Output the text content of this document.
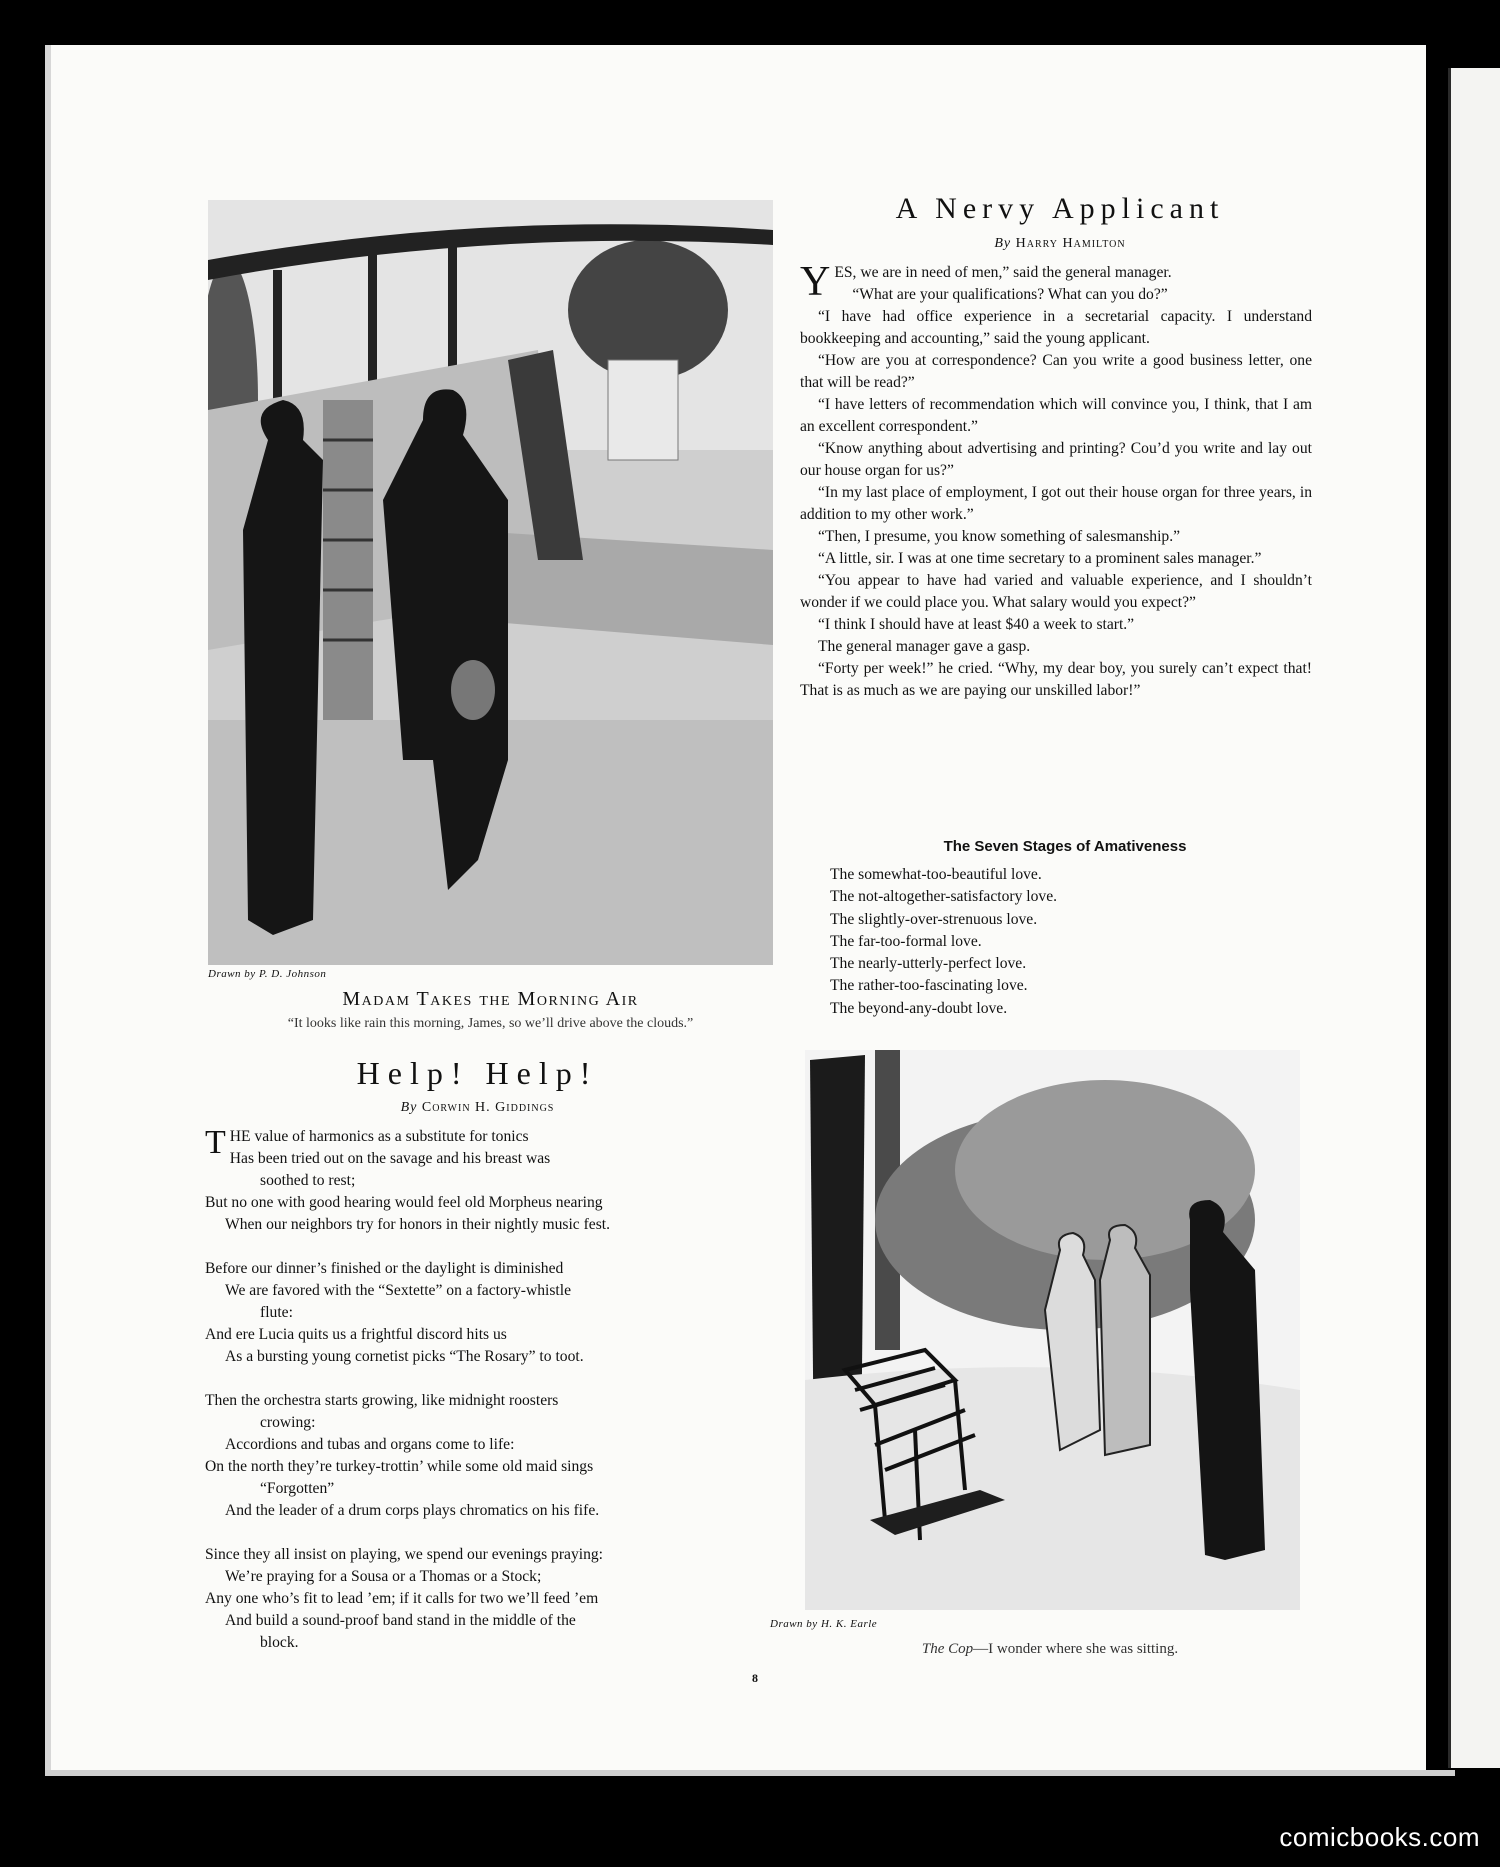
Drawn by P. D. Johnson
Madam Takes the Morning Air
“It looks like rain this morning, James, so we’ll drive above the clouds.”
A Nervy Applicant
By Harry Hamilton

YES, we are in need of men,” said the general manager.

“What are your qualifications? What can you do?”

“I have had office experience in a secretarial capacity. I understand bookkeeping and accounting,” said the young applicant.

“How are you at correspondence? Can you write a good business letter, one that will be read?”

“I have letters of recommendation which will convince you, I think, that I am an excellent correspondent.”

“Know anything about advertising and printing? Cou’d you write and lay out our house organ for us?”

“In my last place of employment, I got out their house organ for three years, in addition to my other work.”

“Then, I presume, you know something of salesmanship.”

“A little, sir. I was at one time secretary to a prominent sales manager.”

“You appear to have had varied and valuable experience, and I shouldn’t wonder if we could place you. What salary would you expect?”

“I think I should have at least $40 a week to start.”

The general manager gave a gasp.

“Forty per week!” he cried. “Why, my dear boy, you surely can’t expect that! That is as much as we are paying our unskilled labor!”

The Seven Stages of Amativeness
The somewhat-too-beautiful love.
The not-altogether-satisfactory love.
The slightly-over-strenuous love.
The far-too-formal love.
The nearly-utterly-perfect love.
The rather-too-fascinating love.
The beyond-any-doubt love.
Help! Help!
By Corwin H. Giddings
THE value of harmonics as a substitute for tonics
Has been tried out on the savage and his breast was
soothed to rest;
But no one with good hearing would feel old Morpheus nearing
When our neighbors try for honors in their nightly music fest.
Before our dinner’s finished or the daylight is diminished
We are favored with the “Sextette” on a factory-whistle
flute:
And ere Lucia quits us a frightful discord hits us
As a bursting young cornetist picks “The Rosary” to toot.
Then the orchestra starts growing, like midnight roosters
crowing:
Accordions and tubas and organs come to life:
On the north they’re turkey-trottin’ while some old maid sings
“Forgotten”
And the leader of a drum corps plays chromatics on his fife.
Since they all insist on playing, we spend our evenings praying:
We’re praying for a Sousa or a Thomas or a Stock;
Any one who’s fit to lead ’em; if it calls for two we’ll feed ’em
And build a sound-proof band stand in the middle of the
block.
Drawn by H. K. Earle
The Cop—I wonder where she was sitting.
8
comicbooks.com
